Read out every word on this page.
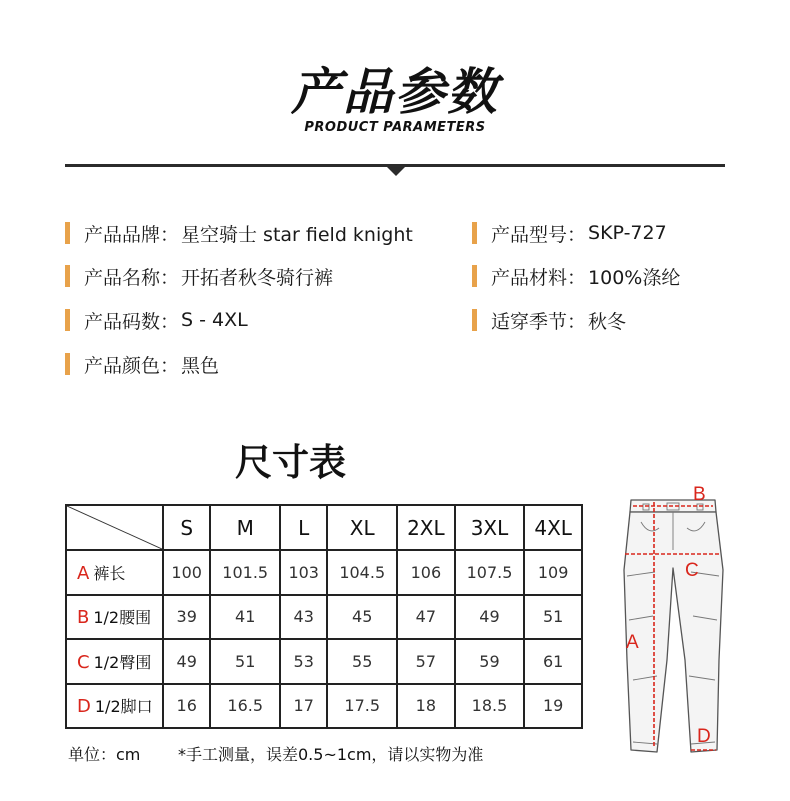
产品参数
PRODUCT PARAMETERS
产品品牌： 星空骑士 star field knight	产品型号： SKP-727
产品名称： 开拓者秋冬骑行裤	产品材料： 100%涤纶
产品码数： S - 4XL	适穿季节： 秋冬
产品颜色： 黑色
尺寸表
	S	M	L	XL	2XL	3XL	4XL
A 裤长	100	101.5	103	104.5	106	107.5	109
B 1/2腰围	39	41	43	45	47	49	51
C 1/2臀围	49	51	53	55	57	59	61
D 1/2脚口	16	16.5	17	17.5	18	18.5	19
单位：cm *手工测量，误差0.5~1cm，请以实物为准
B
C
A
D
